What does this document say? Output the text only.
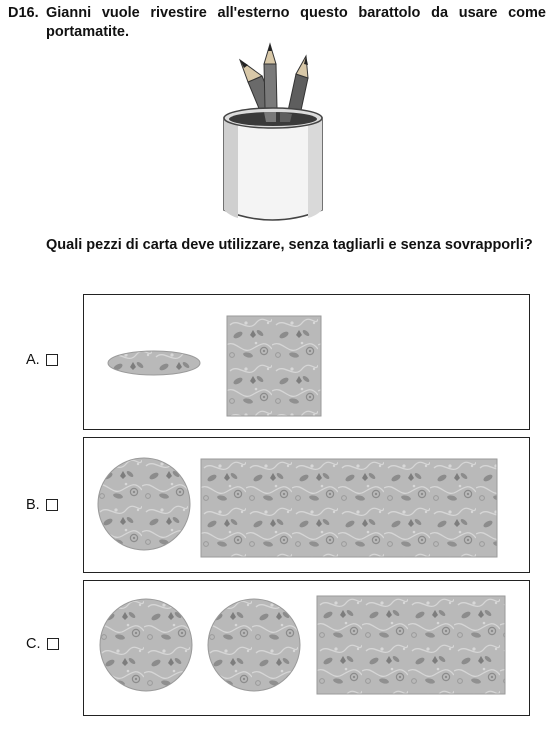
D16. Gianni vuole rivestire all'esterno questo barattolo da usare come portamatite.
Quali pezzi di carta deve utilizzare, senza tagliarli e senza sovrapporli?
A.
B.
C.
